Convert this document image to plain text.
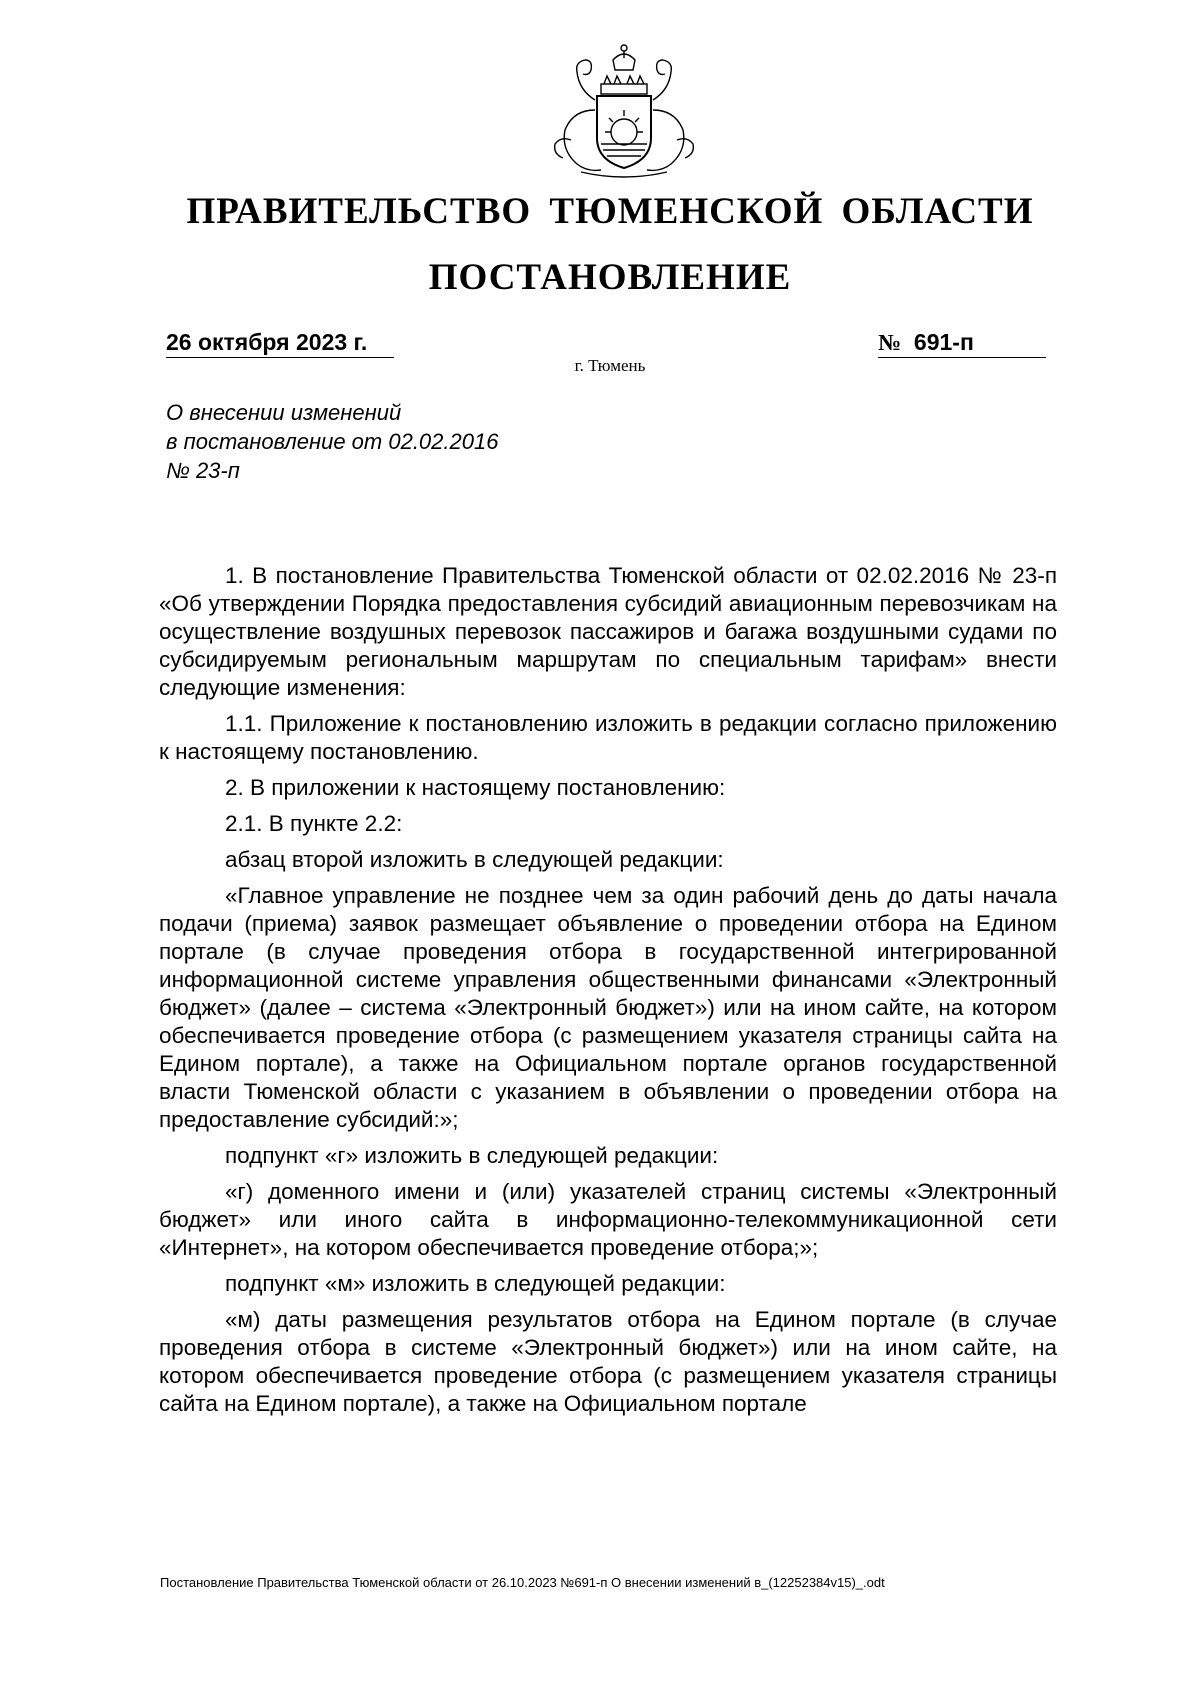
ПРАВИТЕЛЬСТВО ТЮМЕНСКОЙ ОБЛАСТИ
ПОСТАНОВЛЕНИЕ
26 октября 2023 г.	№ 691-п
г. Тюмень
О внесении изменений
в постановление от 02.02.2016
№ 23-п

1. В постановление Правительства Тюменской области от 02.02.2016 № 23-п «Об утверждении Порядка предоставления субсидий авиационным перевозчикам на осуществление воздушных перевозок пассажиров и багажа воздушными судами по субсидируемым региональным маршрутам по специальным тарифам» внести следующие изменения:

1.1. Приложение к постановлению изложить в редакции согласно приложению к настоящему постановлению.

2. В приложении к настоящему постановлению:

2.1. В пункте 2.2:

абзац второй изложить в следующей редакции:

«Главное управление не позднее чем за один рабочий день до даты начала подачи (приема) заявок размещает объявление о проведении отбора на Едином портале (в случае проведения отбора в государственной интегрированной информационной системе управления общественными финансами «Электронный бюджет» (далее – система «Электронный бюджет») или на ином сайте, на котором обеспечивается проведение отбора (с размещением указателя страницы сайта на Едином портале), а также на Официальном портале органов государственной власти Тюменской области с указанием в объявлении о проведении отбора на предоставление субсидий:»;

подпункт «г» изложить в следующей редакции:

«г) доменного имени и (или) указателей страниц системы «Электронный бюджет» или иного сайта в информационно-телекоммуникационной сети «Интернет», на котором обеспечивается проведение отбора;»;

подпункт «м» изложить в следующей редакции:

«м) даты размещения результатов отбора на Едином портале (в случае проведения отбора в системе «Электронный бюджет») или на ином сайте, на котором обеспечивается проведение отбора (с размещением указателя страницы сайта на Едином портале), а также на Официальном портале

Постановление Правительства Тюменской области от 26.10.2023 №691-п О внесении изменений в_(12252384v15)_.odt
